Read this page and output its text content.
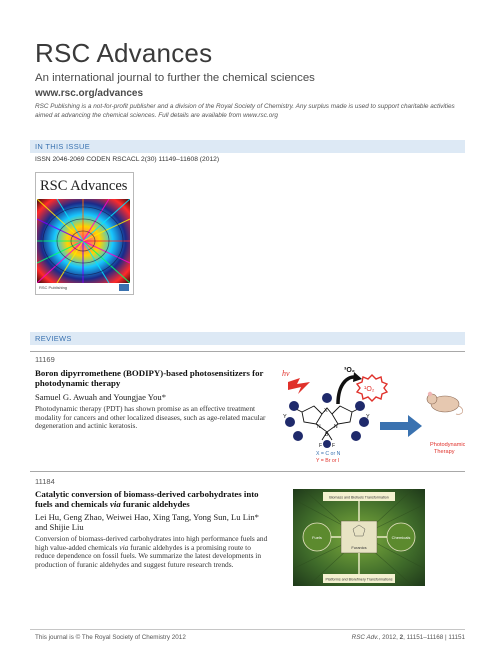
RSC Advances
An international journal to further the chemical sciences
www.rsc.org/advances
RSC Publishing is a not-for-profit publisher and a division of the Royal Society of Chemistry. Any surplus made is used to support charitable activities aimed at advancing the chemical sciences. Full details are available from www.rsc.org
IN THIS ISSUE
ISSN 2046-2069 CODEN RSCACL 2(30) 11149–11608 (2012)
RSC Advances
RSC Publishing
REVIEWS
11169
Boron dipyrromethene (BODIPY)-based photosensitizers for photodynamic therapy
Samuel G. Awuah and Youngjae You*
Photodynamic therapy (PDT) has shown promise as an effective treatment modality for cancers and other localized diseases, such as age-related macular degeneration and actinic keratosis.
hν
¹O₂
³O₂
X
N	N
B
F F
Y	Y
X = C or N
Y = Br or I
Photodynamic
Therapy
11184
Catalytic conversion of biomass-derived carbohydrates into fuels and chemicals via furanic aldehydes
Lei Hu, Geng Zhao, Weiwei Hao, Xing Tang, Yong Sun, Lu Lin* and Shijie Liu
Conversion of biomass-derived carbohydrates into high performance fuels and high value-added chemicals via furanic aldehydes is a promising route to reduce dependence on fossil fuels. We summarize the latest developments in production of furanic aldehydes and suggest future research trends.
Biomass and Biofuels Transformation
Platforms and Biorefinery Transformations
Furanics
Fuels	Chemicals
This journal is © The Royal Society of Chemistry 2012	RSC Adv., 2012, 2, 11151–11168 | 11151
